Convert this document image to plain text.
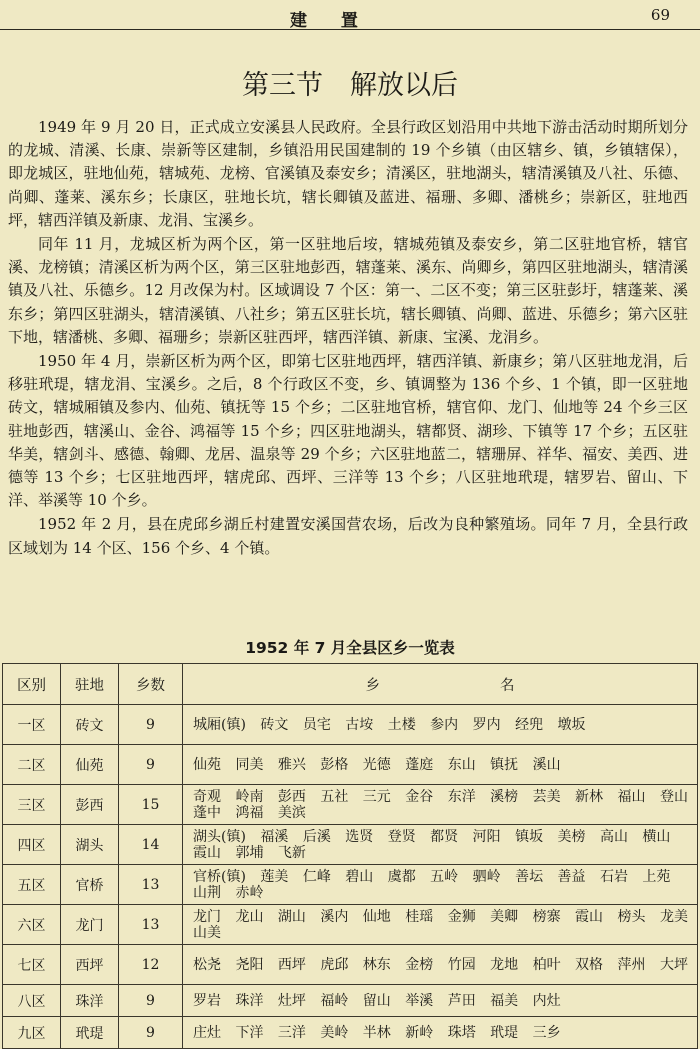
建 置	69
第三节　解放以后

1949 年 9 月 20 日，正式成立安溪县人民政府。全县行政区划沿用中共地下游击活动时期所划分的龙城、清溪、长康、崇新等区建制，乡镇沿用民国建制的 19 个乡镇（由区辖乡、镇，乡镇辖保），即龙城区，驻地仙苑，辖城苑、龙榜、官溪镇及泰安乡；清溪区，驻地湖头，辖清溪镇及八社、乐德、尚卿、蓬莱、溪东乡；长康区，驻地长坑，辖长卿镇及蓝进、福珊、多卿、潘桃乡；崇新区，驻地西坪，辖西洋镇及新康、龙涓、宝溪乡。

同年 11 月，龙城区析为两个区，第一区驻地后垵，辖城苑镇及泰安乡，第二区驻地官桥，辖官溪、龙榜镇；清溪区析为两个区，第三区驻地彭西，辖蓬莱、溪东、尚卿乡，第四区驻地湖头，辖清溪镇及八社、乐德乡。12 月改保为村。区域调设 7 个区：第一、二区不变；第三区驻彭圩，辖蓬莱、溪东乡；第四区驻湖头，辖清溪镇、八社乡；第五区驻长坑，辖长卿镇、尚卿、蓝进、乐德乡；第六区驻下地，辖潘桃、多卿、福珊乡；崇新区驻西坪，辖西洋镇、新康、宝溪、龙涓乡。

1950 年 4 月，崇新区析为两个区，即第七区驻地西坪，辖西洋镇、新康乡；第八区驻地龙涓，后移驻玳瑅，辖龙涓、宝溪乡。之后，8 个行政区不变，乡、镇调整为 136 个乡、1 个镇，即一区驻地砖文，辖城厢镇及参内、仙苑、镇抚等 15 个乡；二区驻地官桥，辖官仰、龙门、仙地等 24 个乡三区驻地彭西，辖溪山、金谷、鸿福等 15 个乡；四区驻地湖头，辖都贤、湖珍、下镇等 17 个乡；五区驻华美，辖剑斗、感德、翰卿、龙居、温泉等 29 个乡；六区驻地蓝二，辖珊屏、祥华、福安、美西、进德等 13 个乡；七区驻地西坪，辖虎邱、西坪、三洋等 13 个乡；八区驻地玳瑅，辖罗岩、留山、下洋、举溪等 10 个乡。

1952 年 2 月，县在虎邱乡湖丘村建置安溪国营农场，后改为良种繁殖场。同年 7 月，全县行政区域划为 14 个区、156 个乡、4 个镇。

1952 年 7 月全县区乡一览表
区别	驻地	乡数	乡 名
一区	砖文	9	城厢(镇) 砖文 员宅 古垵 土楼 参内 罗内 经兜 墩坂
二区	仙苑	9	仙苑 同美 雅兴 彭格 光德 蓬庭 东山 镇抚 溪山
三区	彭西	15	奇观 岭南 彭西 五社 三元 金谷 东洋 溪榜 芸美 新林 福山 登山 蓬中 鸿福 美滨
四区	湖头	14	湖头(镇) 福溪 后溪 选贤 登贤 都贤 河阳 镇坂 美榜 高山 横山 霞山 郭埔 飞新
五区	官桥	13	官桥(镇) 莲美 仁峰 碧山 虞都 五岭 驷岭 善坛 善益 石岩 上苑 山荆 赤岭
六区	龙门	13	龙门 龙山 湖山 溪内 仙地 桂瑶 金狮 美卿 榜寨 霞山 榜头 龙美 山美
七区	西坪	12	松尧 尧阳 西坪 虎邱 林东 金榜 竹园 龙地 柏叶 双格 萍州 大坪
八区	珠洋	9	罗岩 珠洋 灶坪 福岭 留山 举溪 芦田 福美 内灶
九区	玳瑅	9	庄灶 下洋 三洋 美岭 半林 新岭 珠塔 玳瑅 三乡
